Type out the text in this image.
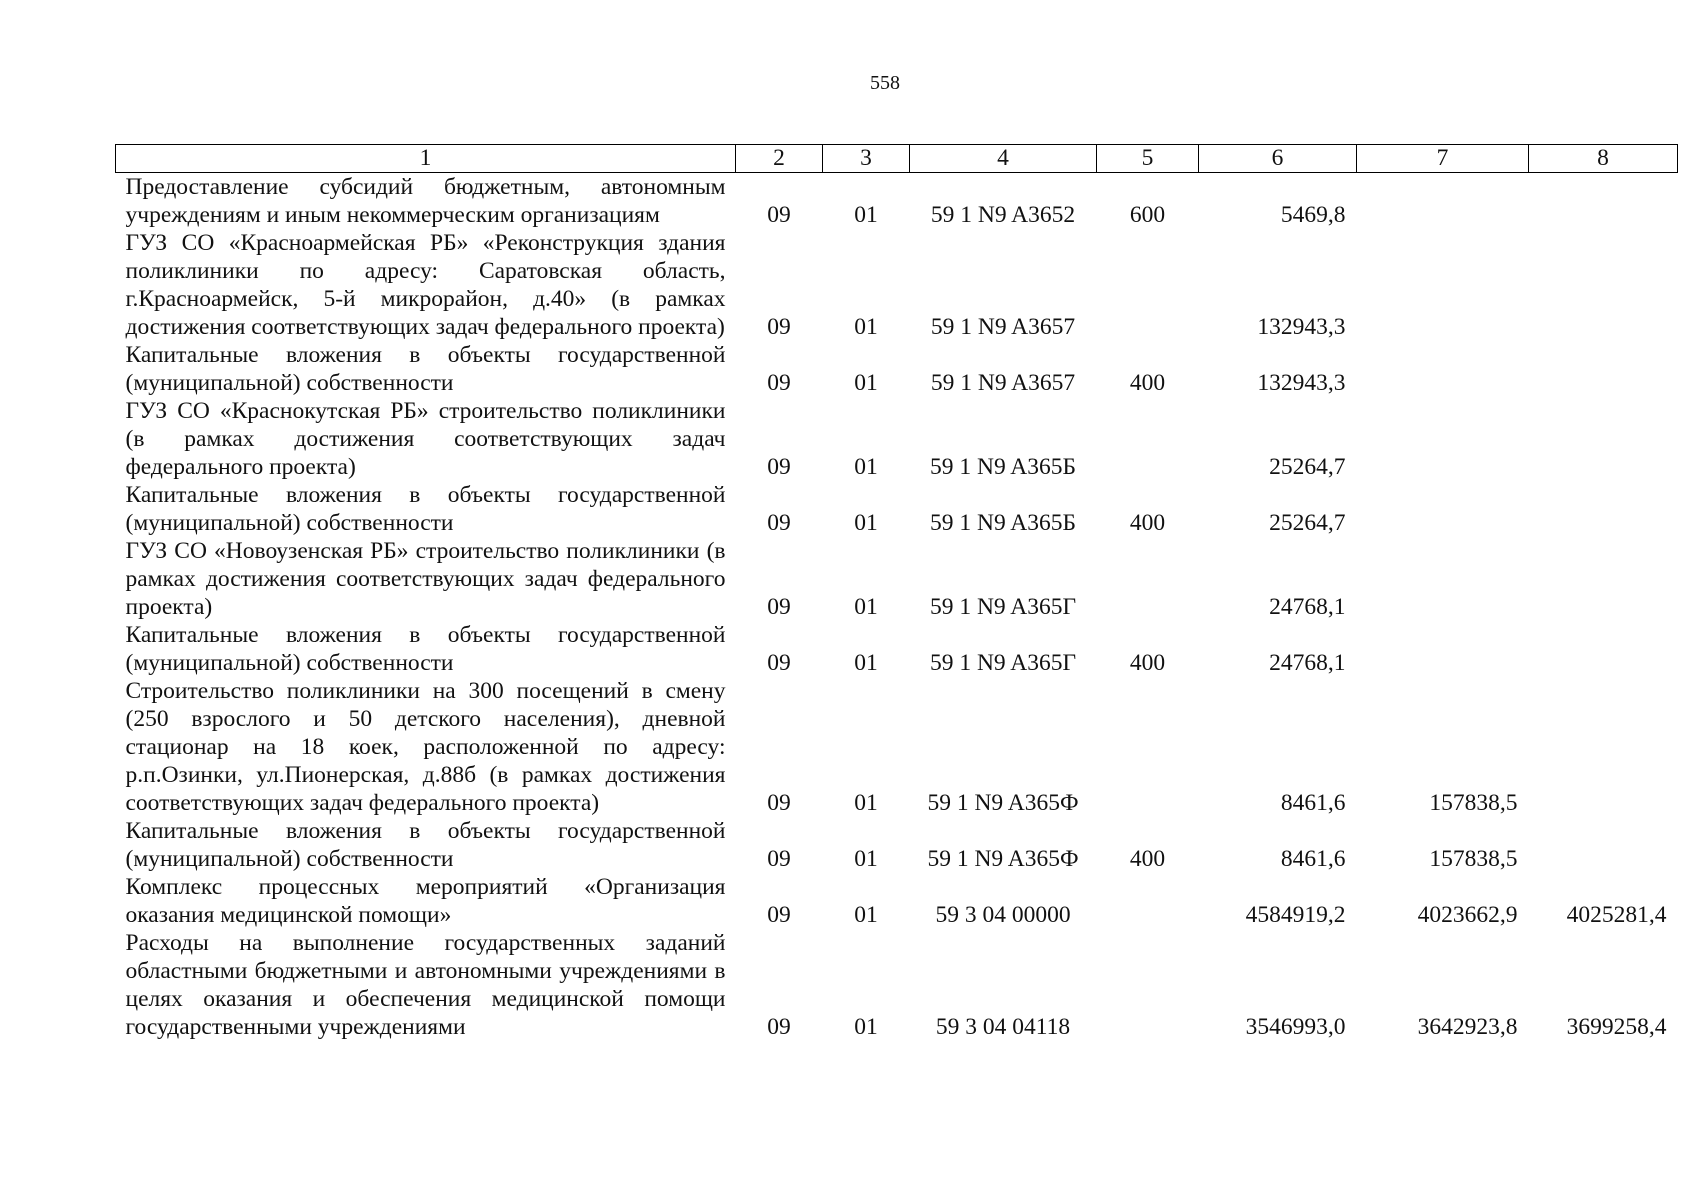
558
1	2	3	4	5	6	7	8
Предоставление субсидий бюджетным, автономным учреждениям и иным некоммерческим организациям	09	01	59 1 N9 A3652	600	5469,8		
ГУЗ СО «Красноармейская РБ» «Реконструкция здания поликлиники по адресу: Саратовская область, г.Красноармейск, 5-й микрорайон, д.40» (в рамках достижения соответствующих задач федерального проекта)	09	01	59 1 N9 A3657		132943,3		
Капитальные вложения в объекты государственной (муниципальной) собственности	09	01	59 1 N9 A3657	400	132943,3		
ГУЗ СО «Краснокутская РБ» строительство поликлиники (в рамках достижения соответствующих задач федерального проекта)	09	01	59 1 N9 A365Б		25264,7		
Капитальные вложения в объекты государственной (муниципальной) собственности	09	01	59 1 N9 A365Б	400	25264,7		
ГУЗ СО «Новоузенская РБ» строительство поликлиники (в рамках достижения соответствующих задач федерального проекта)	09	01	59 1 N9 A365Г		24768,1		
Капитальные вложения в объекты государственной (муниципальной) собственности	09	01	59 1 N9 A365Г	400	24768,1		
Строительство поликлиники на 300 посещений в смену (250 взрослого и 50 детского населения), дневной стационар на 18 коек, расположенной по адресу: р.п.Озинки, ул.Пионерская, д.88б (в рамках достижения соответствующих задач федерального проекта)	09	01	59 1 N9 A365Ф		8461,6	157838,5	
Капитальные вложения в объекты государственной (муниципальной) собственности	09	01	59 1 N9 A365Ф	400	8461,6	157838,5	
Комплекс процессных мероприятий «Организация оказания медицинской помощи»	09	01	59 3 04 00000		4584919,2	4023662,9	4025281,4
Расходы на выполнение государственных заданий областными бюджетными и автономными учреждениями в целях оказания и обеспечения медицинской помощи государственными учреждениями	09	01	59 3 04 04118		3546993,0	3642923,8	3699258,4
